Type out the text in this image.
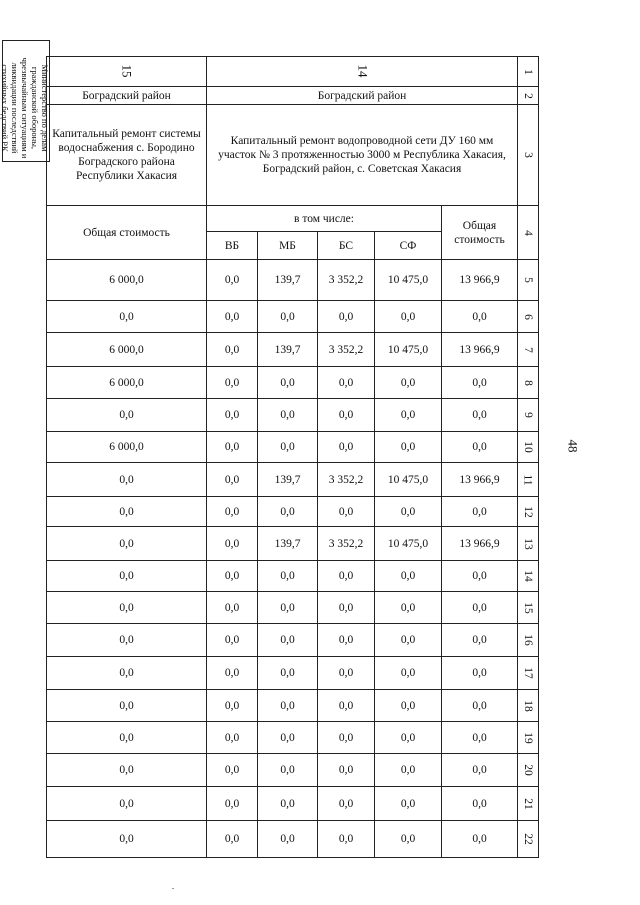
Министерство по делам гражданской обороны, чрезвычайным ситуациям и ликвидации последствий стихийных бедствий РК
48
15	14					1
Боградский район	Боградский район					2
Капитальный ремонт системы водоснабжения с. Бородино Боградского района Республики Хакасия	Капитальный ремонт водопроводной сети ДУ 160 мм участок № 3 протяженностью 3000 м Республика Хакасия, Боградский район, с. Советская Хакасия					3
Общая стоимость	в том числе:				Общая стоимость	4
	ВБ	МБ	БС	СФ		
6 000,0	0,0	139,7	3 352,2	10 475,0	13 966,9	5
0,0	0,0	0,0	0,0	0,0	0,0	6
6 000,0	0,0	139,7	3 352,2	10 475,0	13 966,9	7
6 000,0	0,0	0,0	0,0	0,0	0,0	8
0,0	0,0	0,0	0,0	0,0	0,0	9
6 000,0	0,0	0,0	0,0	0,0	0,0	10
0,0	0,0	139,7	3 352,2	10 475,0	13 966,9	11
0,0	0,0	0,0	0,0	0,0	0,0	12
0,0	0,0	139,7	3 352,2	10 475,0	13 966,9	13
0,0	0,0	0,0	0,0	0,0	0,0	14
0,0	0,0	0,0	0,0	0,0	0,0	15
0,0	0,0	0,0	0,0	0,0	0,0	16
0,0	0,0	0,0	0,0	0,0	0,0	17
0,0	0,0	0,0	0,0	0,0	0,0	18
0,0	0,0	0,0	0,0	0,0	0,0	19
0,0	0,0	0,0	0,0	0,0	0,0	20
0,0	0,0	0,0	0,0	0,0	0,0	21
0,0	0,0	0,0	0,0	0,0	0,0	22
